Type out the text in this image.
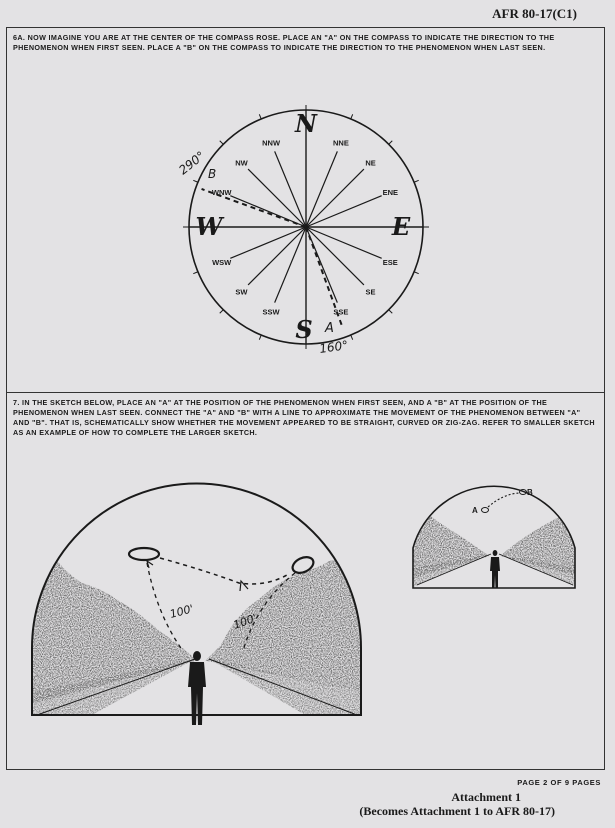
AFR 80-17(C1)

6A. NOW IMAGINE YOU ARE AT THE CENTER OF THE COMPASS ROSE. PLACE AN "A" ON THE COMPASS TO INDICATE THE DIRECTION TO THE PHENOMENON WHEN FIRST SEEN. PLACE A "B" ON THE COMPASS TO INDICATE THE DIRECTION TO THE PHENOMENON WHEN LAST SEEN.

NNE
NE
ENE
ESE
SE
SSE
SSW
SW
WSW
WNW
NW
NNW
N
E
S
W
A
B
160°
290°

7. IN THE SKETCH BELOW, PLACE AN "A" AT THE POSITION OF THE PHENOMENON WHEN FIRST SEEN, AND A "B" AT THE POSITION OF THE PHENOMENON WHEN LAST SEEN. CONNECT THE "A" AND "B" WITH A LINE TO APPROXIMATE THE MOVEMENT OF THE PHENOMENON BETWEEN "A" AND "B". THAT IS, SCHEMATICALLY SHOW WHETHER THE MOVEMENT APPEARED TO BE STRAIGHT, CURVED OR ZIG-ZAG. REFER TO SMALLER SKETCH AS AN EXAMPLE OF HOW TO COMPLETE THE LARGER SKETCH.

100'	100'
A
B
PAGE 2 OF 9 PAGES
Attachment 1
(Becomes Attachment 1 to AFR 80-17)
